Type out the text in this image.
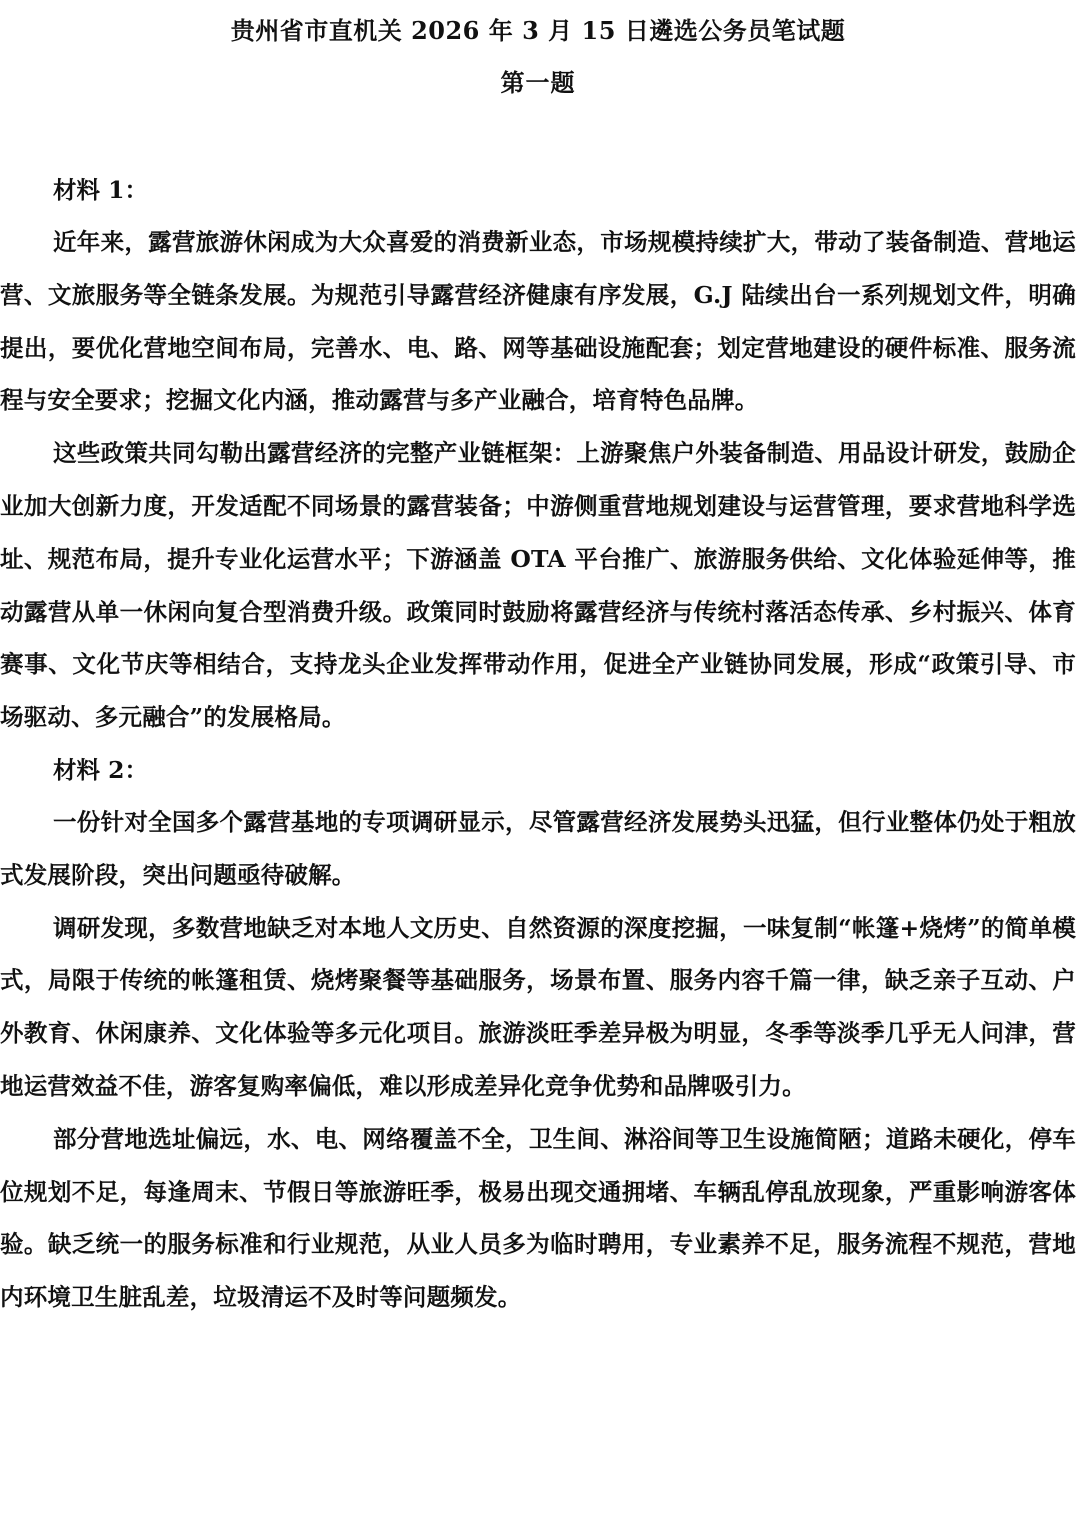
贵州省市直机关 2026 年 3 月 15 日遴选公务员笔试题
第一题
材料 1：

近年来，露营旅游休闲成为大众喜爱的消费新业态，市场规模持续扩大，带动了装备制造、营地运营、文旅服务等全链条发展。为规范引导露营经济健康有序发展，G.J 陆续出台一系列规划文件，明确提出，要优化营地空间布局，完善水、电、路、网等基础设施配套；划定营地建设的硬件标准、服务流程与安全要求；挖掘文化内涵，推动露营与多产业融合，培育特色品牌。

这些政策共同勾勒出露营经济的完整产业链框架：上游聚焦户外装备制造、用品设计研发，鼓励企业加大创新力度，开发适配不同场景的露营装备；中游侧重营地规划建设与运营管理，要求营地科学选址、规范布局，提升专业化运营水平；下游涵盖 OTA 平台推广、旅游服务供给、文化体验延伸等，推动露营从单一休闲向复合型消费升级。政策同时鼓励将露营经济与传统村落活态传承、乡村振兴、体育赛事、文化节庆等相结合，支持龙头企业发挥带动作用，促进全产业链协同发展，形成“政策引导、市场驱动、多元融合”的发展格局。

材料 2：

一份针对全国多个露营基地的专项调研显示，尽管露营经济发展势头迅猛，但行业整体仍处于粗放式发展阶段，突出问题亟待破解。

调研发现，多数营地缺乏对本地人文历史、自然资源的深度挖掘，一味复制“帐篷+烧烤”的简单模式，局限于传统的帐篷租赁、烧烤聚餐等基础服务，场景布置、服务内容千篇一律，缺乏亲子互动、户外教育、休闲康养、文化体验等多元化项目。旅游淡旺季差异极为明显，冬季等淡季几乎无人问津，营地运营效益不佳，游客复购率偏低，难以形成差异化竞争优势和品牌吸引力。

部分营地选址偏远，水、电、网络覆盖不全，卫生间、淋浴间等卫生设施简陋；道路未硬化，停车位规划不足，每逢周末、节假日等旅游旺季，极易出现交通拥堵、车辆乱停乱放现象，严重影响游客体验。缺乏统一的服务标准和行业规范，从业人员多为临时聘用，专业素养不足，服务流程不规范，营地内环境卫生脏乱差，垃圾清运不及时等问题频发。
